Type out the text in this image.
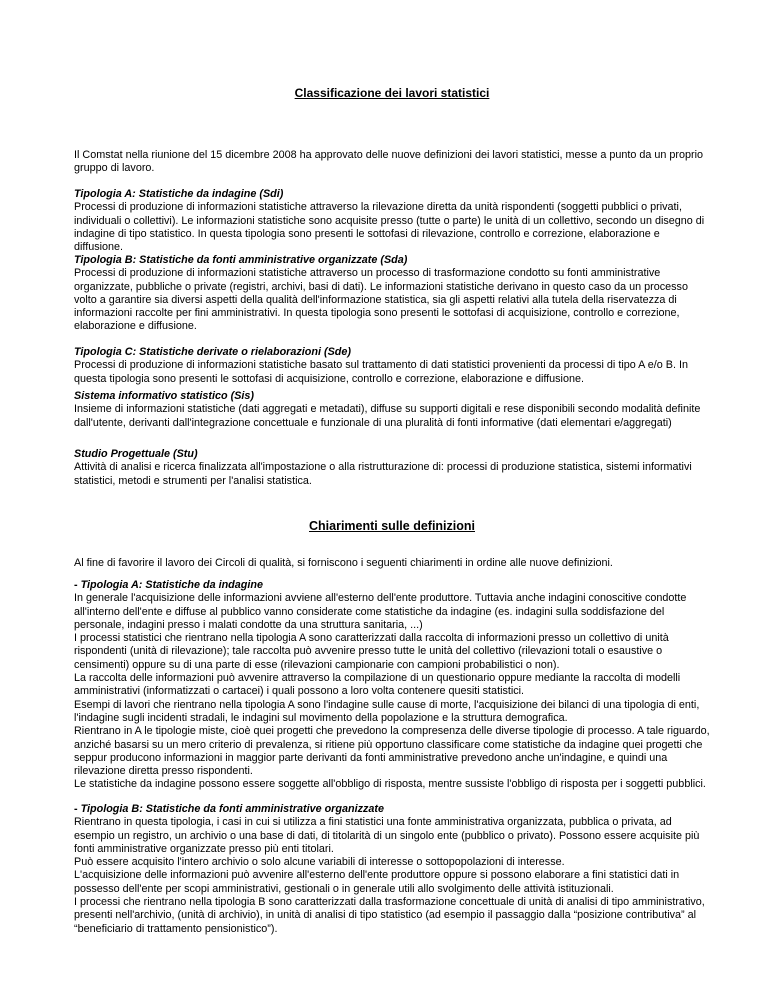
Classificazione dei lavori statistici

Il Comstat nella riunione del 15 dicembre 2008 ha approvato delle nuove definizioni dei lavori statistici, messe a punto da un proprio gruppo di lavoro.

Tipologia A: Statistiche da indagine (Sdi)

Processi di produzione di informazioni statistiche attraverso la rilevazione diretta da unità rispondenti (soggetti pubblici o privati, individuali o collettivi). Le informazioni statistiche sono acquisite presso (tutte o parte) le unità di un collettivo, secondo un disegno di indagine di tipo statistico. In questa tipologia sono presenti le sottofasi di rilevazione, controllo e correzione, elaborazione e diffusione.

Tipologia B: Statistiche da fonti amministrative organizzate (Sda)

Processi di produzione di informazioni statistiche attraverso un processo di trasformazione condotto su fonti amministrative organizzate, pubbliche o private (registri, archivi, basi di dati). Le informazioni statistiche derivano in questo caso da un processo volto a garantire sia diversi aspetti della qualità dell'informazione statistica, sia gli aspetti relativi alla tutela della riservatezza di informazioni raccolte per fini amministrativi. In questa tipologia sono presenti le sottofasi di acquisizione, controllo e correzione, elaborazione e diffusione.

Tipologia C: Statistiche derivate o rielaborazioni (Sde)

Processi di produzione di informazioni statistiche basato sul trattamento di dati statistici provenienti da processi di tipo A e/o B. In questa tipologia sono presenti le sottofasi di acquisizione, controllo e correzione, elaborazione e diffusione.

Sistema informativo statistico (Sis)

Insieme di informazioni statistiche (dati aggregati e metadati), diffuse su supporti digitali e rese disponibili secondo modalità definite dall'utente, derivanti dall'integrazione concettuale e funzionale di una pluralità di fonti informative (dati elementari e/aggregati)

Studio Progettuale (Stu)

Attività di analisi e ricerca finalizzata all'impostazione o alla ristrutturazione di: processi di produzione statistica, sistemi informativi statistici, metodi e strumenti per l'analisi statistica.

Chiarimenti sulle definizioni

Al fine di favorire il lavoro dei Circoli di qualità, si forniscono i seguenti chiarimenti in ordine alle nuove definizioni.

- Tipologia A: Statistiche da indagine

In generale l'acquisizione delle informazioni avviene all'esterno dell'ente produttore. Tuttavia anche indagini conoscitive condotte all'interno dell'ente e diffuse al pubblico vanno considerate come statistiche da indagine (es. indagini sulla soddisfazione del personale, indagini presso i malati condotte da una struttura sanitaria, ...)

I processi statistici che rientrano nella tipologia A sono caratterizzati dalla raccolta di informazioni presso un collettivo di unità rispondenti (unità di rilevazione); tale raccolta può avvenire presso tutte le unità del collettivo (rilevazioni totali o esaustive o censimenti) oppure su di una parte di esse (rilevazioni campionarie con campioni probabilistici o non).

La raccolta delle informazioni può avvenire attraverso la compilazione di un questionario oppure mediante la raccolta di modelli amministrativi (informatizzati o cartacei) i quali possono a loro volta contenere quesiti statistici.

Esempi di lavori che rientrano nella tipologia A sono l'indagine sulle cause di morte, l'acquisizione dei bilanci di una tipologia di enti, l'indagine sugli incidenti stradali, le indagini sul movimento della popolazione e la struttura demografica.

Rientrano in A le tipologie miste, cioè quei progetti che prevedono la compresenza delle diverse tipologie di processo. A tale riguardo, anziché basarsi su un mero criterio di prevalenza, si ritiene più opportuno classificare come statistiche da indagine quei progetti che seppur producono informazioni in maggior parte derivanti da fonti amministrative prevedono anche un'indagine, e quindi una rilevazione diretta presso rispondenti.

Le statistiche da indagine possono essere soggette all'obbligo di risposta, mentre sussiste l'obbligo di risposta per i soggetti pubblici.

- Tipologia B: Statistiche da fonti amministrative organizzate

Rientrano in questa tipologia, i casi in cui si utilizza a fini statistici una fonte amministrativa organizzata, pubblica o privata, ad esempio un registro, un archivio o una base di dati, di titolarità di un singolo ente (pubblico o privato). Possono essere acquisite più fonti amministrative organizzate presso più enti titolari.

Può essere acquisito l'intero archivio o solo alcune variabili di interesse o sottopopolazioni di interesse.

L'acquisizione delle informazioni può avvenire all'esterno dell'ente produttore oppure si possono elaborare a fini statistici dati in possesso dell'ente per scopi amministrativi, gestionali o in generale utili allo svolgimento delle attività istituzionali.

I processi che rientrano nella tipologia B sono caratterizzati dalla trasformazione concettuale di unità di analisi di tipo amministrativo, presenti nell'archivio, (unità di archivio), in unità di analisi di tipo statistico (ad esempio il passaggio dalla “posizione contributiva” al “beneficiario di trattamento pensionistico”).
